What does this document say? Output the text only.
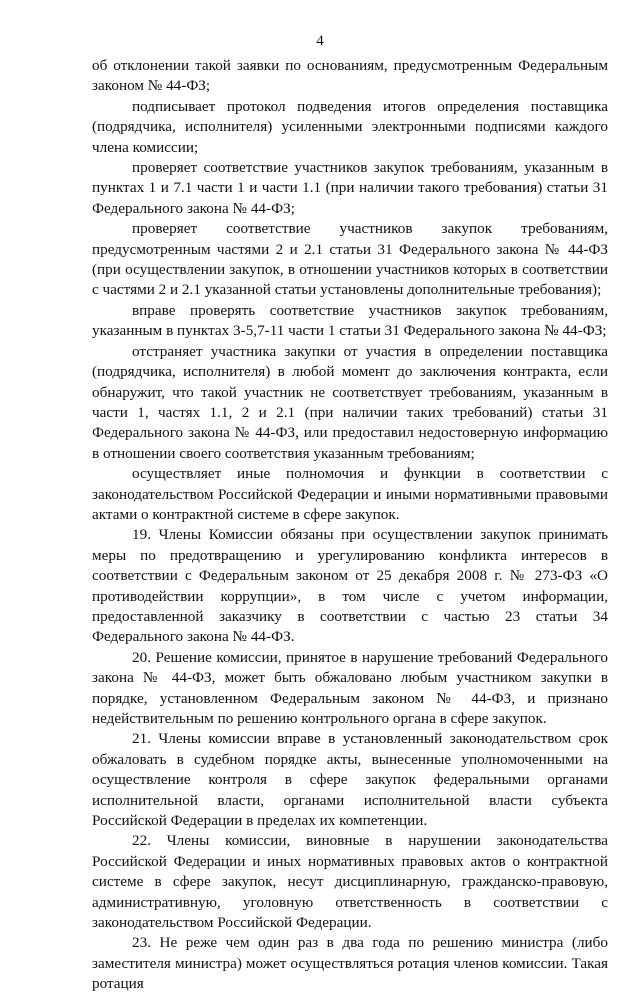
4

об отклонении такой заявки по основаниям, предусмотренным Федеральным законом № 44-ФЗ;

подписывает протокол подведения итогов определения поставщика (подрядчика, исполнителя) усиленными электронными подписями каждого члена комиссии;

проверяет соответствие участников закупок требованиям, указанным в пунктах 1 и 7.1 части 1 и части 1.1 (при наличии такого требования) статьи 31 Федерального закона № 44-ФЗ;

проверяет соответствие участников закупок требованиям, предусмотренным частями 2 и 2.1 статьи 31 Федерального закона № 44-ФЗ (при осуществлении закупок, в отношении участников которых в соответствии с частями 2 и 2.1 указанной статьи установлены дополнительные требования);

вправе проверять соответствие участников закупок требованиям, указанным в пунктах 3-5,7-11 части 1 статьи 31 Федерального закона № 44-ФЗ;

отстраняет участника закупки от участия в определении поставщика (подрядчика, исполнителя) в любой момент до заключения контракта, если обнаружит, что такой участник не соответствует требованиям, указанным в части 1, частях 1.1, 2 и 2.1 (при наличии таких требований) статьи 31 Федерального закона № 44-ФЗ, или предоставил недостоверную информацию в отношении своего соответствия указанным требованиям;

осуществляет иные полномочия и функции в соответствии с законодательством Российской Федерации и иными нормативными правовыми актами о контрактной системе в сфере закупок.

19. Члены Комиссии обязаны при осуществлении закупок принимать меры по предотвращению и урегулированию конфликта интересов в соответствии с Федеральным законом от 25 декабря 2008 г. № 273-ФЗ «О противодействии коррупции», в том числе с учетом информации, предоставленной заказчику в соответствии с частью 23 статьи 34 Федерального закона № 44-ФЗ.

20. Решение комиссии, принятое в нарушение требований Федерального закона № 44-ФЗ, может быть обжаловано любым участником закупки в порядке, установленном Федеральным законом № 44-ФЗ, и признано недействительным по решению контрольного органа в сфере закупок.

21. Члены комиссии вправе в установленный законодательством срок обжаловать в судебном порядке акты, вынесенные уполномоченными на осуществление контроля в сфере закупок федеральными органами исполнительной власти, органами исполнительной власти субъекта Российской Федерации в пределах их компетенции.

22. Члены комиссии, виновные в нарушении законодательства Российской Федерации и иных нормативных правовых актов о контрактной системе в сфере закупок, несут дисциплинарную, гражданско-правовую, административную, уголовную ответственность в соответствии с законодательством Российской Федерации.

23. Не реже чем один раз в два года по решению министра (либо заместителя министра) может осуществляться ротация членов комиссии. Такая ротация
